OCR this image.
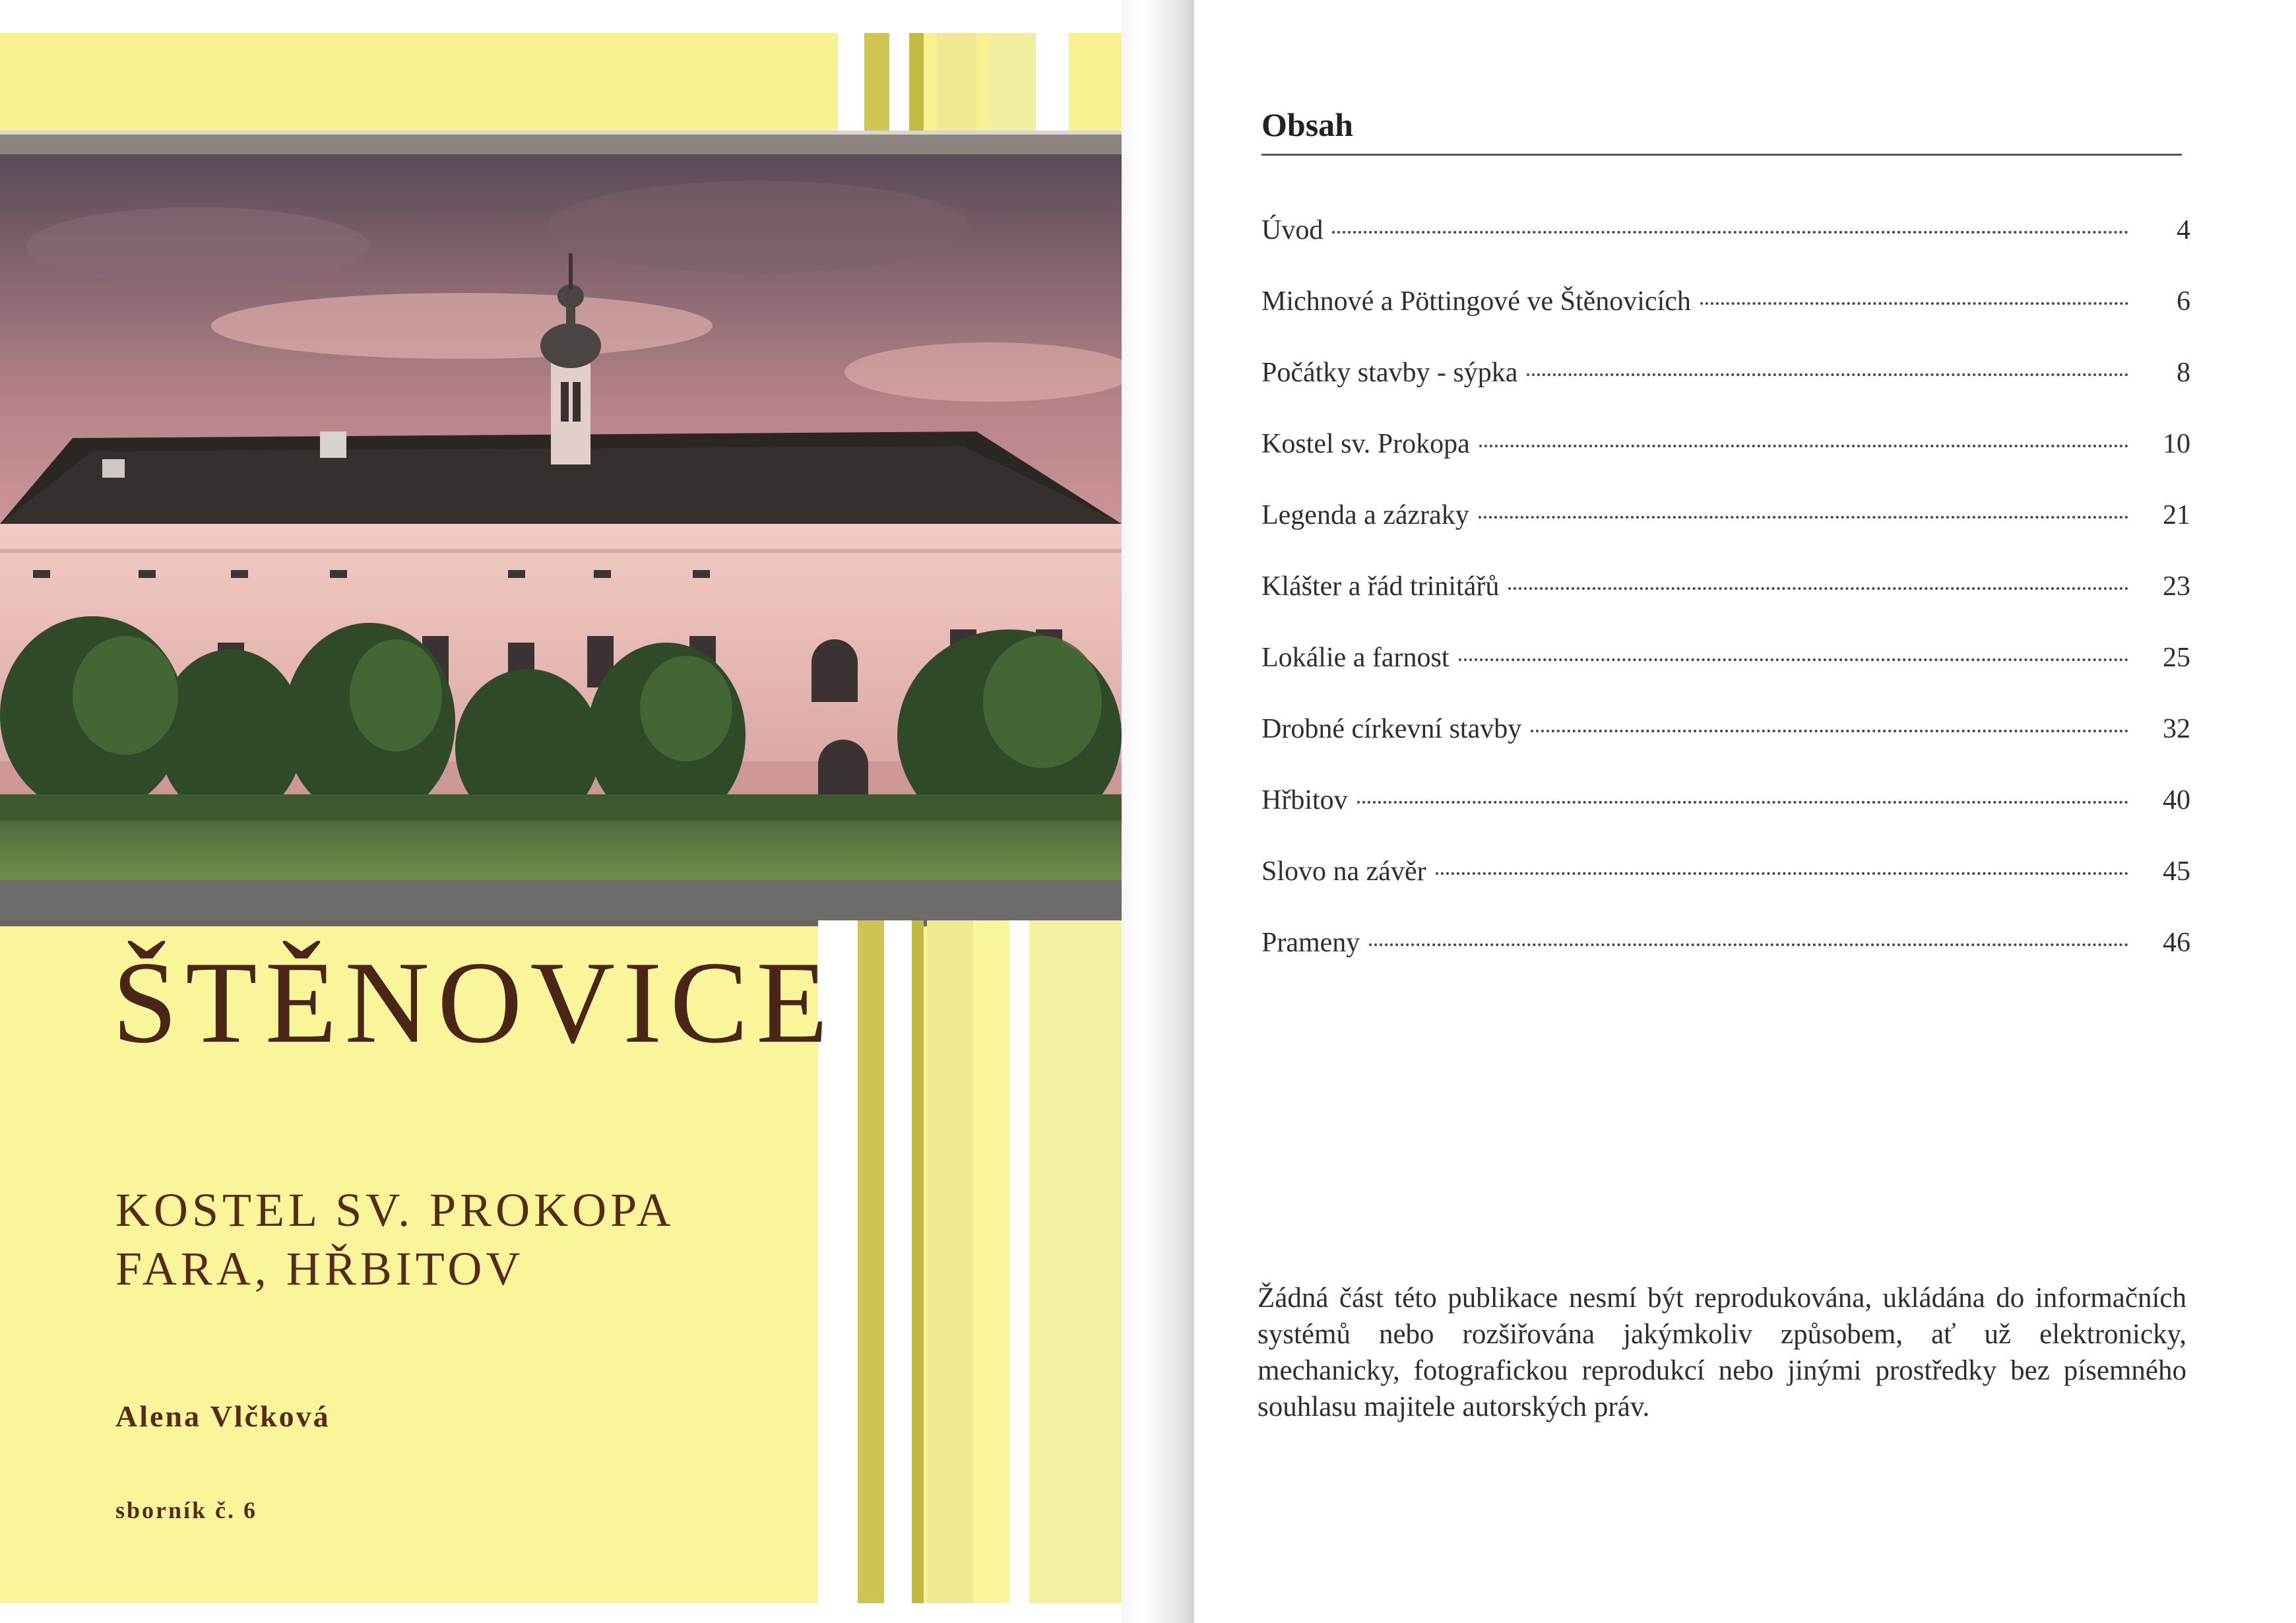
ŠTĚNOVICE
KOSTEL SV. PROKOPA
FARA, HŘBITOV
Alena Vlčková
sborník č. 6
Obsah
Úvod	4
Michnové a Pöttingové ve Štěnovicích	6
Počátky stavby - sýpka	8
Kostel sv. Prokopa	10
Legenda a zázraky	21
Klášter a řád trinitářů	23
Lokálie a farnost	25
Drobné církevní stavby	32
Hřbitov	40
Slovo na závěr	45
Prameny	46
Žádná část této publikace nesmí být reprodukována, ukládána do informačních systémů nebo rozšiřována jakýmkoliv způsobem, ať už elektronicky, mechanicky, fotografickou reprodukcí nebo jinými prostředky bez písemného souhlasu majitele autorských práv.
